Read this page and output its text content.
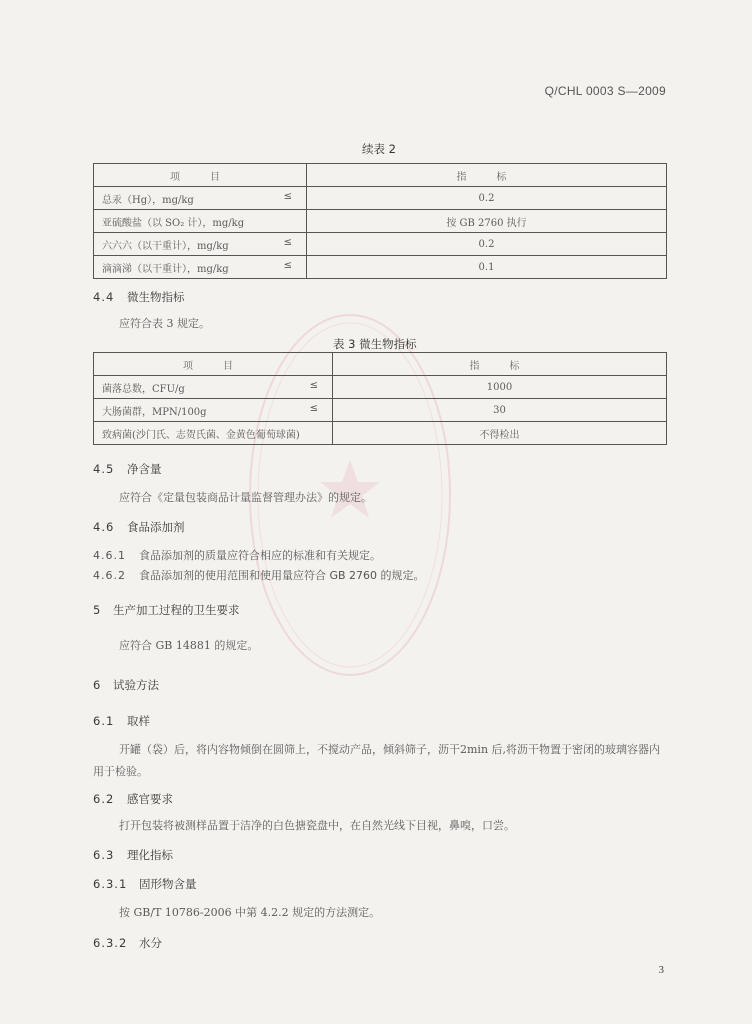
Q/CHL 0003 S—2009
续表 2
项　目	指　标
总汞（Hg），mg/kg ≤	0.2
亚硫酸盐（以 SO₂ 计），mg/kg	按 GB 2760 执行
六六六（以干重计），mg/kg ≤	0.2
滴滴涕（以干重计），mg/kg ≤	0.1
4.4 微生物指标
应符合表 3 规定。
表 3 微生物指标
项　目	指　标
菌落总数，CFU/g ≤	1000
大肠菌群，MPN/100g ≤	30
致病菌(沙门氏、志贺氏菌、金黄色葡萄球菌)	不得检出
4.5 净含量
应符合《定量包装商品计量监督管理办法》的规定。
4.6 食品添加剂
4.6.1 食品添加剂的质量应符合相应的标准和有关规定。
4.6.2 食品添加剂的使用范围和使用量应符合 GB 2760 的规定。
5 生产加工过程的卫生要求
应符合 GB 14881 的规定。
6 试验方法
6.1 取样
开罐（袋）后，将内容物倾倒在圆筛上，不搅动产品，倾斜筛子，沥干2min 后,将沥干物置于密闭的玻璃容器内用于检验。
6.2 感官要求
打开包装将被测样品置于洁净的白色搪瓷盘中，在自然光线下目视，鼻嗅，口尝。
6.3 理化指标
6.3.1 固形物含量
按 GB/T 10786-2006 中第 4.2.2 规定的方法测定。
6.3.2 水分
3
